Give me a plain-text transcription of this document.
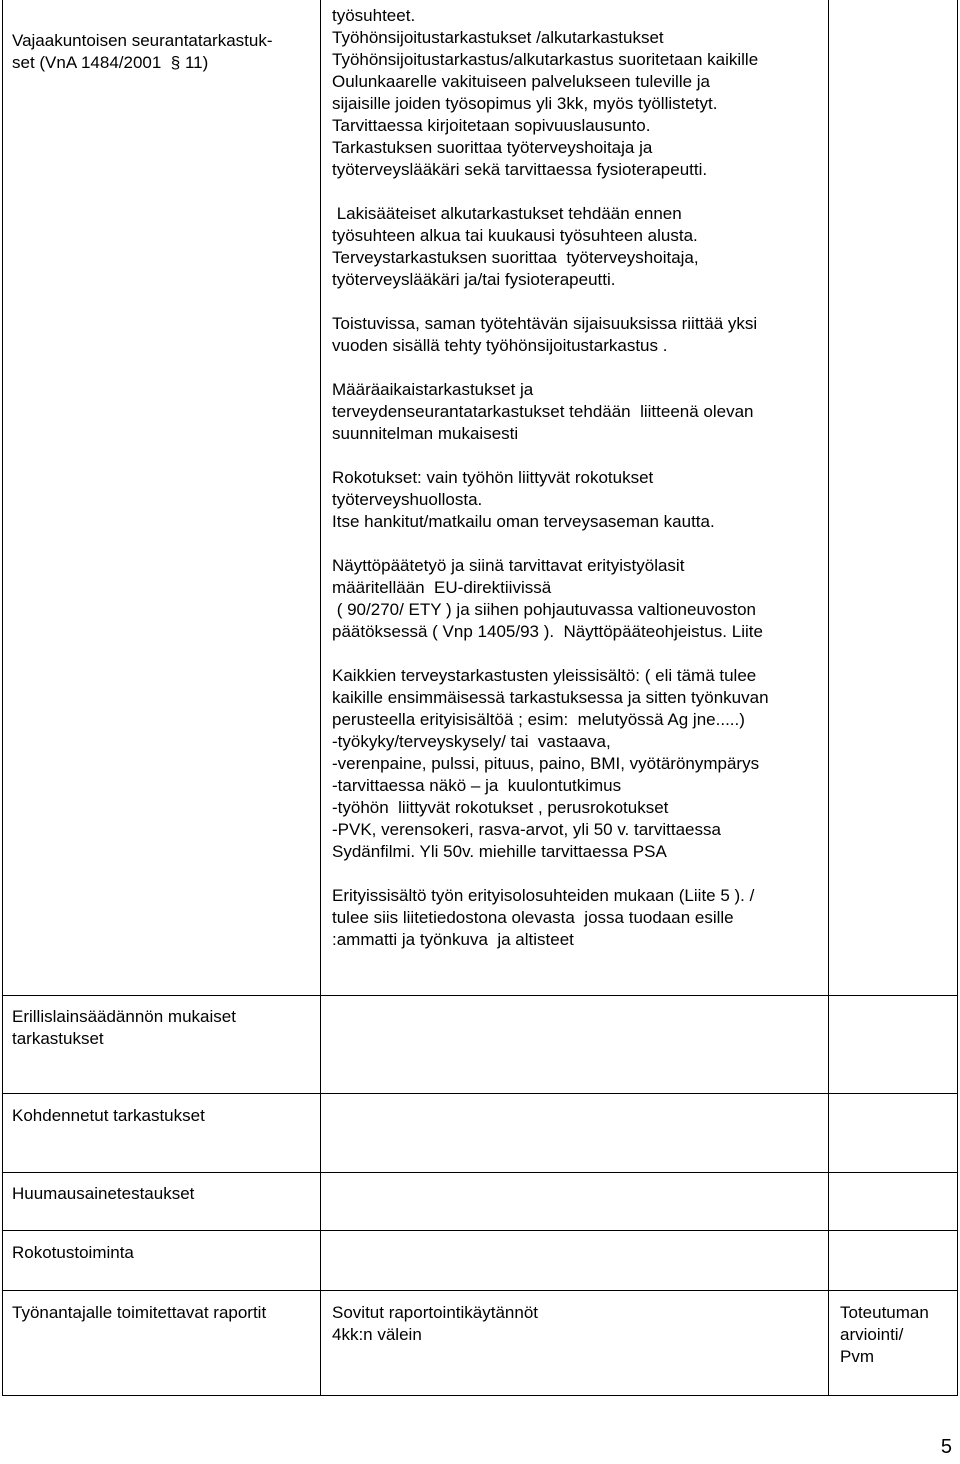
Vajaakuntoisen seurantatarkastuk-
set (VnA 1484/2001  § 11)
työsuhteet.
Työhönsijoitustarkastukset /alkutarkastukset
Työhönsijoitustarkastus/alkutarkastus suoritetaan kaikille
Oulunkaarelle vakituiseen palvelukseen tuleville ja
sijaisille joiden työsopimus yli 3kk, myös työllistetyt.
Tarvittaessa kirjoitetaan sopivuuslausunto.
Tarkastuksen suorittaa työterveyshoitaja ja
työterveyslääkäri sekä tarvittaessa fysioterapeutti.
Lakisääteiset alkutarkastukset tehdään ennen
työsuhteen alkua tai kuukausi työsuhteen alusta.
Terveystarkastuksen suorittaa  työterveyshoitaja,
työterveyslääkäri ja/tai fysioterapeutti.
Toistuvissa, saman työtehtävän sijaisuuksissa riittää yksi
vuoden sisällä tehty työhönsijoitustarkastus .
Määräaikaistarkastukset ja
terveydenseurantatarkastukset tehdään  liitteenä olevan
suunnitelman mukaisesti
Rokotukset: vain työhön liittyvät rokotukset
työterveyshuollosta.
Itse hankitut/matkailu oman terveysaseman kautta.
Näyttöpäätetyö ja siinä tarvittavat erityistyölasit
määritellään  EU-direktiivissä
( 90/270/ ETY ) ja siihen pohjautuvassa valtioneuvoston
päätöksessä ( Vnp 1405/93 ).  Näyttöpääteohjeistus. Liite
Kaikkien terveystarkastusten yleissisältö: ( eli tämä tulee
kaikille ensimmäisessä tarkastuksessa ja sitten työnkuvan
perusteella erityisisältöä ; esim:  melutyössä Ag jne.....)
-työkyky/terveyskysely/ tai  vastaava,
-verenpaine, pulssi, pituus, paino, BMI, vyötärönympärys
-tarvittaessa näkö – ja  kuulontutkimus
-työhön  liittyvät rokotukset , perusrokotukset
-PVK, verensokeri, rasva-arvot, yli 50 v. tarvittaessa
Sydänfilmi. Yli 50v. miehille tarvittaessa PSA
Erityissisältö työn erityisolosuhteiden mukaan (Liite 5 ). /
tulee siis liitetiedostona olevasta  jossa tuodaan esille
:ammatti ja työnkuva  ja altisteet
Erillislainsäädännön mukaiset
tarkastukset
Kohdennetut tarkastukset
Huumausainetestaukset
Rokotustoiminta
Työnantajalle toimitettavat raportit	Sovitut raportointikäytännöt
4kk:n välein
Toteutuman
arviointi/
Pvm
5
